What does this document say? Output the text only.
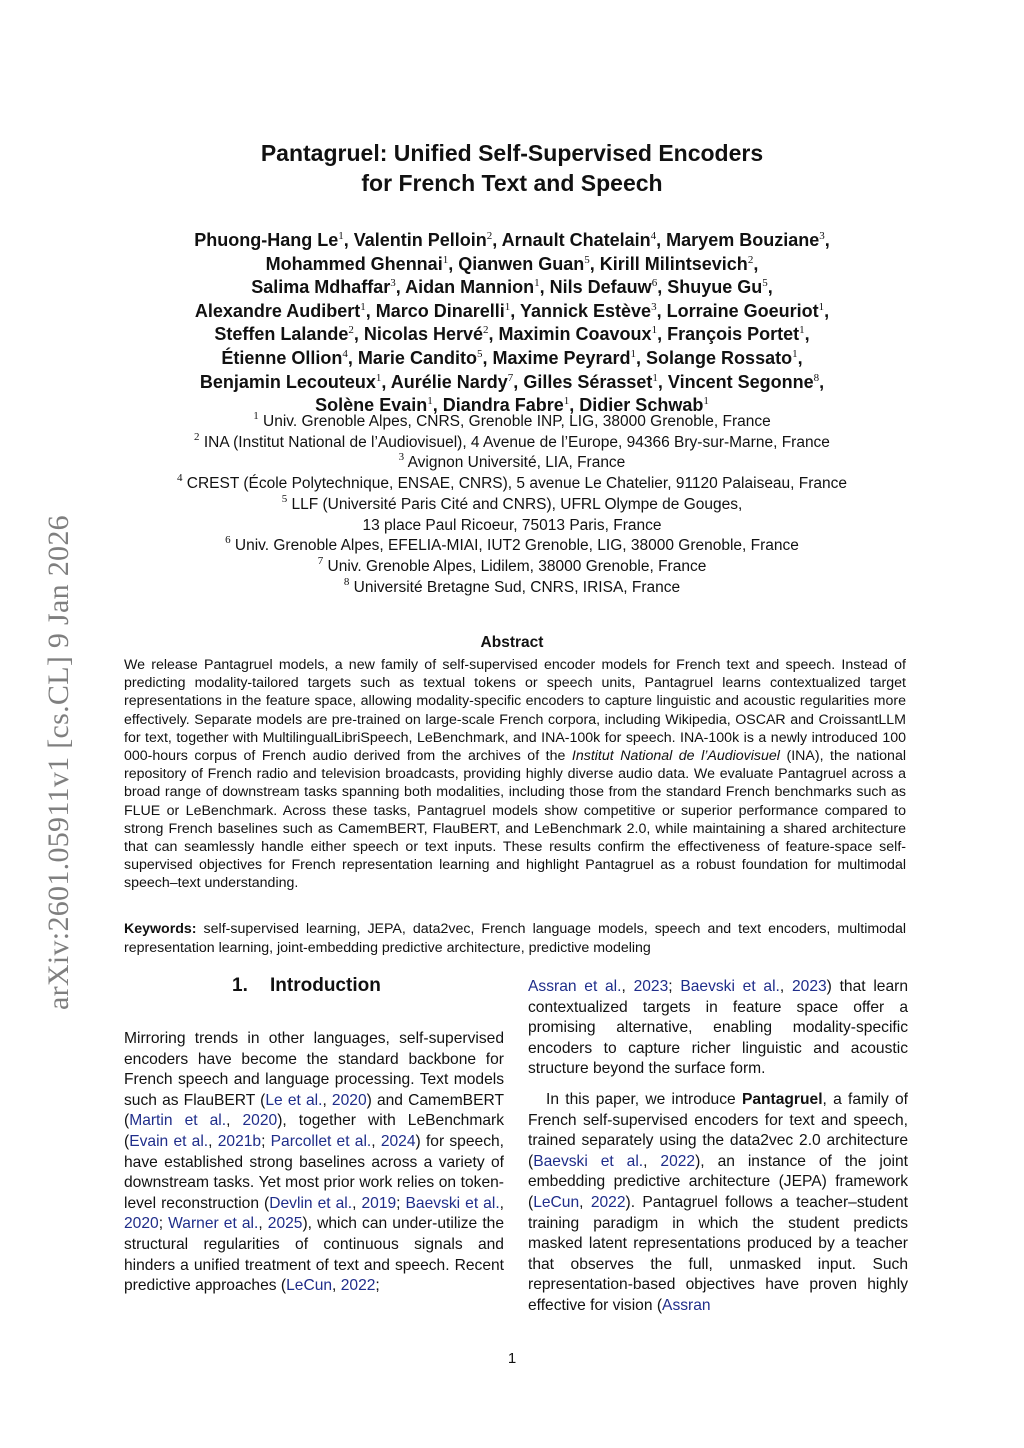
arXiv:2601.05911v1 [cs.CL] 9 Jan 2026
Pantagruel: Unified Self-Supervised Encoders
for French Text and Speech
Phuong-Hang Le$^1$, Valentin Pelloin$^2$, Arnault Chatelain$^4$, Maryem Bouziane$^3$,
Mohammed Ghennai$^1$, Qianwen Guan$^5$, Kirill Milintsevich$^2$,
Salima Mdhaffar$^3$, Aidan Mannion$^1$, Nils Defauw$^6$, Shuyue Gu$^5$,
Alexandre Audibert$^1$, Marco Dinarelli$^1$, Yannick Estève$^3$, Lorraine Goeuriot$^1$,
Steffen Lalande$^2$, Nicolas Hervé$^2$, Maximin Coavoux$^1$, François Portet$^1$,
Étienne Ollion$^4$, Marie Candito$^5$, Maxime Peyrard$^1$, Solange Rossato$^1$,
Benjamin Lecouteux$^1$, Aurélie Nardy$^7$, Gilles Sérasset$^1$, Vincent Segonne$^8$,
Solène Evain$^1$, Diandra Fabre$^1$, Didier Schwab$^1$
$^1$ Univ. Grenoble Alpes, CNRS, Grenoble INP, LIG, 38000 Grenoble, France
$^2$ INA (Institut National de l’Audiovisuel), 4 Avenue de l’Europe, 94366 Bry-sur-Marne, France
$^3$ Avignon Université, LIA, France
$^4$ CREST (École Polytechnique, ENSAE, CNRS), 5 avenue Le Chatelier, 91120 Palaiseau, France
$^5$ LLF (Université Paris Cité and CNRS), UFRL Olympe de Gouges,
13 place Paul Ricoeur, 75013 Paris, France
$^6$ Univ. Grenoble Alpes, EFELIA-MIAI, IUT2 Grenoble, LIG, 38000 Grenoble, France
$^7$ Univ. Grenoble Alpes, Lidilem, 38000 Grenoble, France
$^8$ Université Bretagne Sud, CNRS, IRISA, France
Abstract
We release Pantagruel models, a new family of self-supervised encoder models for French text and speech. Instead of predicting modality-tailored targets such as textual tokens or speech units, Pantagruel learns contextualized target representations in the feature space, allowing modality-specific encoders to capture linguistic and acoustic regularities more effectively. Separate models are pre-trained on large-scale French corpora, including Wikipedia, OSCAR and CroissantLLM for text, together with MultilingualLibriSpeech, LeBenchmark, and INA-100k for speech. INA-100k is a newly introduced 100 000-hours corpus of French audio derived from the archives of the Institut National de l’Audiovisuel (INA), the national repository of French radio and television broadcasts, providing highly diverse audio data. We evaluate Pantagruel across a broad range of downstream tasks spanning both modalities, including those from the standard French benchmarks such as FLUE or LeBenchmark. Across these tasks, Pantagruel models show competitive or superior performance compared to strong French baselines such as CamemBERT, FlauBERT, and LeBenchmark 2.0, while maintaining a shared architecture that can seamlessly handle either speech or text inputs. These results confirm the effectiveness of feature-space self-supervised objectives for French representation learning and highlight Pantagruel as a robust foundation for multimodal speech–text understanding.
Keywords: self-supervised learning, JEPA, data2vec, French language models, speech and text encoders, multimodal representation learning, joint-embedding predictive architecture, predictive modeling
1. Introduction

Mirroring trends in other languages, self-supervised encoders have become the standard backbone for French speech and language processing. Text models such as FlauBERT (Le et al., 2020) and CamemBERT (Martin et al., 2020), together with LeBenchmark (Evain et al., 2021b; Parcollet et al., 2024) for speech, have established strong baselines across a variety of downstream tasks. Yet most prior work relies on token-level reconstruction (Devlin et al., 2019; Baevski et al., 2020; Warner et al., 2025), which can under-utilize the structural regularities of continuous signals and hinders a unified treatment of text and speech. Recent predictive approaches (LeCun, 2022;

Assran et al., 2023; Baevski et al., 2023) that learn contextualized targets in feature space offer a promising alternative, enabling modality-specific encoders to capture richer linguistic and acoustic structure beyond the surface form.

In this paper, we introduce Pantagruel, a family of French self-supervised encoders for text and speech, trained separately using the data2vec 2.0 architecture (Baevski et al., 2022), an instance of the joint embedding predictive architecture (JEPA) framework (LeCun, 2022). Pantagruel follows a teacher–student training paradigm in which the student predicts masked latent representations produced by a teacher that observes the full, unmasked input. Such representation-based objectives have proven highly effective for vision (Assran

1
